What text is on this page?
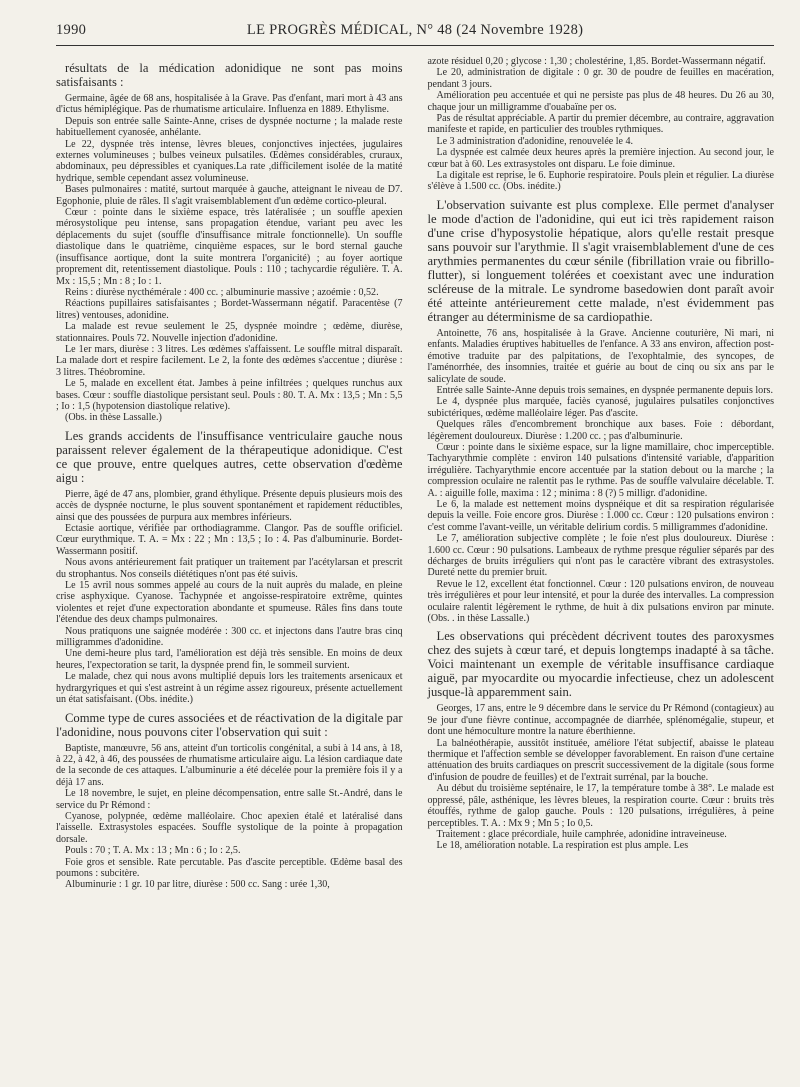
1990	LE PROGRÈS MÉDICAL, N° 48 (24 Novembre 1928)

résultats de la médication adonidique ne sont pas moins satisfaisants :

Germaine, âgée de 68 ans, hospitalisée à la Grave. Pas d'enfant, mari mort à 43 ans d'ictus hémiplégique. Pas de rhumatisme articulaire. Influenza en 1889. Ethylisme.

Depuis son entrée salle Sainte-Anne, crises de dyspnée nocturne ; la malade reste habituellement cyanosée, anhélante.

Le 22, dyspnée très intense, lèvres bleues, conjonctives injectées, jugulaires externes volumineuses ; bulbes veineux pulsatiles. Œdèmes considérables, cruraux, abdominaux, peu dépressibles et cyaniques.La rate ,difficilement isolée de la matité hydrique, semble cependant assez volumineuse.

Bases pulmonaires : matité, surtout marquée à gauche, atteignant le niveau de D7. Egophonie, pluie de râles. Il s'agit vraisemblablement d'un œdème cortico-pleural.

Cœur : pointe dans le sixième espace, très latéralisée ; un souffle apexien mérosystolique peu intense, sans propagation étendue, variant peu avec les déplacements du sujet (souffle d'insuffisance mitrale fonctionnelle). Un souffle diastolique dans le quatrième, cinquième espaces, sur le bord sternal gauche (insuffisance aortique, dont la suite montrera l'organicité) ; au foyer aortique proprement dit, retentissement diastolique. Pouls : 110 ; tachycardie régulière. T. A. Mx : 15,5 ; Mn : 8 ; Io : 1.

Reins : diurèse nycthémérale : 400 cc. ; albuminurie massive ; azoémie : 0,52.

Réactions pupillaires satisfaisantes ; Bordet-Wassermann négatif. Paracentèse (7 litres) ventouses, adonidine.

La malade est revue seulement le 25, dyspnée moindre ; œdème, diurèse, stationnaires. Pouls 72. Nouvelle injection d'adonidine.

Le 1er mars, diurèse : 3 litres. Les œdèmes s'affaissent. Le souffle mitral disparaît. La malade dort et respire facilement. Le 2, la fonte des œdèmes s'accentue ; diurèse : 3 litres. Théobromine.

Le 5, malade en excellent état. Jambes à peine infiltrées ; quelques runchus aux bases. Cœur : souffle diastolique persistant seul. Pouls : 80. T. A. Mx : 13,5 ; Mn : 5,5 ; Io : 1,5 (hypotension diastolique relative).

(Obs. in thèse Lassalle.)

Les grands accidents de l'insuffisance ventriculaire gauche nous paraissent relever également de la thérapeutique adonidique. C'est ce que prouve, entre quelques autres, cette observation d'œdème aigu :

Pierre, âgé de 47 ans, plombier, grand éthylique. Présente depuis plusieurs mois des accès de dyspnée nocturne, le plus souvent spontanément et rapidement réductibles, ainsi que des poussées de purpura aux membres inférieurs.

Ectasie aortique, vérifiée par orthodiagramme. Clangor. Pas de souffle orificiel. Cœur eurythmique. T. A. = Mx : 22 ; Mn : 13,5 ; Io : 4. Pas d'albuminurie. Bordet-Wassermann positif.

Nous avons antérieurement fait pratiquer un traitement par l'acétylarsan et prescrit du strophantus. Nos conseils diététiques n'ont pas été suivis.

Le 15 avril nous sommes appelé au cours de la nuit auprès du malade, en pleine crise asphyxique. Cyanose. Tachypnée et angoisse-respiratoire extrême, quintes violentes et rejet d'une expectoration abondante et spumeuse. Râles fins dans toute l'étendue des deux champs pulmonaires.

Nous pratiquons une saignée modérée : 300 cc. et injectons dans l'autre bras cinq milligrammes d'adonidine.

Une demi-heure plus tard, l'amélioration est déjà très sensible. En moins de deux heures, l'expectoration se tarit, la dyspnée prend fin, le sommeil survient.

Le malade, chez qui nous avons multiplié depuis lors les traitements arsenicaux et hydrargyriques et qui s'est astreint à un régime assez rigoureux, présente actuellement un état satisfaisant. (Obs. inédite.)

Comme type de cures associées et de réactivation de la digitale par l'adonidine, nous pouvons citer l'observation qui suit :

Baptiste, manœuvre, 56 ans, atteint d'un torticolis congénital, a subi à 14 ans, à 18, à 22, à 42, à 46, des poussées de rhumatisme articulaire aigu. La lésion cardiaque date de la seconde de ces attaques. L'albuminurie a été décelée pour la première fois il y a déjà 17 ans.

Le 18 novembre, le sujet, en pleine décompensation, entre salle St.-André, dans le service du Pr Rémond :

Cyanose, polypnée, œdème malléolaire. Choc apexien étalé et latéralisé dans l'aisselle. Extrasystoles espacées. Souffle systolique de la pointe à propagation dorsale.

Pouls : 70 ; T. A. Mx : 13 ; Mn : 6 ; Io : 2,5.

Foie gros et sensible. Rate percutable. Pas d'ascite perceptible. Œdème basal des poumons : subcitère.

Albuminurie : 1 gr. 10 par litre, diurèse : 500 cc. Sang : urée 1,30,

azote résiduel 0,20 ; glycose : 1,30 ; cholestérine, 1,85. Bordet-Wassermann négatif.

Le 20, administration de digitale : 0 gr. 30 de poudre de feuilles en macération, pendant 3 jours.

Amélioration peu accentuée et qui ne persiste pas plus de 48 heures. Du 26 au 30, chaque jour un milligramme d'ouabaïne per os.

Pas de résultat appréciable. A partir du premier décembre, au contraire, aggravation manifeste et rapide, en particulier des troubles rythmiques.

Le 3 administration d'adonidine, renouvelée le 4.

La dyspnée est calmée deux heures après la première injection. Au second jour, le cœur bat à 60. Les extrasystoles ont disparu. Le foie diminue.

La digitale est reprise, le 6. Euphorie respiratoire. Pouls plein et régulier. La diurèse s'élève à 1.500 cc. (Obs. inédite.)

L'observation suivante est plus complexe. Elle permet d'analyser le mode d'action de l'adonidine, qui eut ici très rapidement raison d'une crise d'hyposystolie hépatique, alors qu'elle restait presque sans pouvoir sur l'arythmie. Il s'agit vraisemblablement d'une de ces arythmies permanentes du cœur sénile (fibrillation vraie ou fibrillo-flutter), si longuement tolérées et coexistant avec une induration scléreuse de la mitrale. Le syndrome basedowien dont paraît avoir été atteinte antérieurement cette malade, n'est évidemment pas étranger au déterminisme de sa cardiopathie.

Antoinette, 76 ans, hospitalisée à la Grave. Ancienne couturière, Ni mari, ni enfants. Maladies éruptives habituelles de l'enfance. A 33 ans environ, affection post-émotive traduite par des palpitations, de l'exophtalmie, des syncopes, de l'aménorrhée, des insomnies, traitée et guérie au bout de cinq ou six ans par le salicylate de soude.

Entrée salle Sainte-Anne depuis trois semaines, en dyspnée permanente depuis lors.

Le 4, dyspnée plus marquée, faciès cyanosé, jugulaires pulsatiles conjonctives subictériques, œdème malléolaire léger. Pas d'ascite.

Quelques râles d'encombrement bronchique aux bases. Foie : débordant, légèrement douloureux. Diurèse : 1.200 cc. ; pas d'albuminurie.

Cœur : pointe dans le sixième espace, sur la ligne mamillaire, choc imperceptible. Tachyarythmie complète : environ 140 pulsations d'intensité variable, d'apparition irrégulière. Tachyarythmie encore accentuée par la station debout ou la marche ; la compression oculaire ne ralentit pas le rythme. Pas de souffle valvulaire décelable. T. A. : aiguille folle, maxima : 12 ; minima : 8 (?) 5 milligr. d'adonidine.

Le 6, la malade est nettement moins dyspnéique et dit sa respiration régularisée depuis la veille. Foie encore gros. Diurèse : 1.000 cc. Cœur : 120 pulsations environ : c'est comme l'avant-veille, un véritable delirium cordis. 5 milligrammes d'adonidine.

Le 7, amélioration subjective complète ; le foie n'est plus douloureux. Diurèse : 1.600 cc. Cœur : 90 pulsations. Lambeaux de rythme presque régulier séparés par des décharges de bruits irréguliers qui n'ont pas le caractère vibrant des extrasystoles. Dureté nette du premier bruit.

Revue le 12, excellent état fonctionnel. Cœur : 120 pulsations environ, de nouveau très irrégulières et pour leur intensité, et pour la durée des intervalles. La compression oculaire ralentit légèrement le rythme, de huit à dix pulsations environ par minute. (Obs. . in thèse Lassalle.)

Les observations qui précèdent décrivent toutes des paroxysmes chez des sujets à cœur taré, et depuis longtemps inadapté à sa tâche. Voici maintenant un exemple de véritable insuffisance cardiaque aiguë, par myocardite ou myocardie infectieuse, chez un adolescent jusque-là apparemment sain.

Georges, 17 ans, entre le 9 décembre dans le service du Pr Rémond (contagieux) au 9e jour d'une fièvre continue, accompagnée de diarrhée, splénomégalie, stupeur, et dont une hémoculture montre la nature éberthienne.

La balnéothérapie, aussitôt instituée, améliore l'état subjectif, abaisse le plateau thermique et l'affection semble se développer favorablement. En raison d'une certaine atténuation des bruits cardiaques on prescrit successivement de la digitale (sous forme d'infusion de poudre de feuilles) et de l'extrait surrénal, par la bouche.

Au début du troisième septénaire, le 17, la température tombe à 38°. Le malade est oppressé, pâle, asthénique, les lèvres bleues, la respiration courte. Cœur : bruits très étouffés, rythme de galop gauche. Pouls : 120 pulsations, irrégulières, à peine perceptibles. T. A. : Mx 9 ; Mn 5 ; Io 0,5.

Traitement : glace précordiale, huile camphrée, adonidine intraveineuse.

Le 18, amélioration notable. La respiration est plus ample. Les
